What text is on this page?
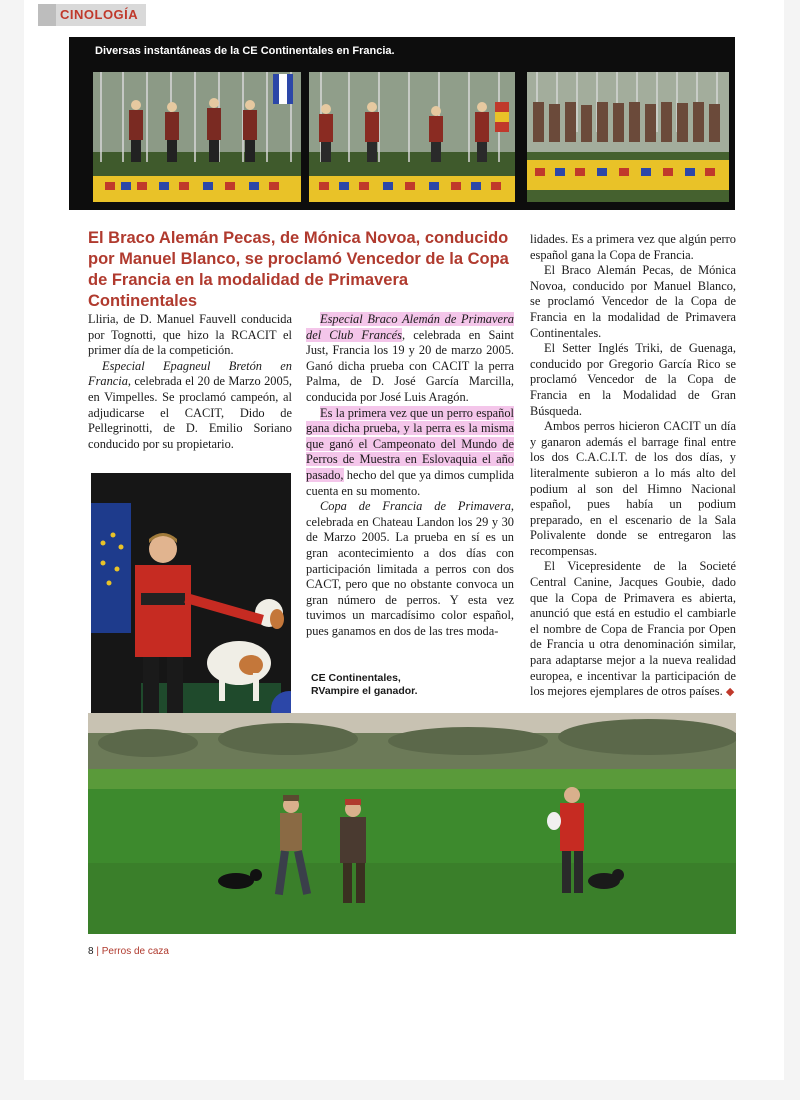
CINOLOGÍA
Diversas instantáneas de la CE Continentales en Francia.
El Braco Alemán Pecas, de Mónica Novoa, conducido por Manuel Blanco, se proclamó Vencedor de la Copa de Francia en la modalidad de Primavera Continentales

Lliria, de D. Manuel Fauvell conducida por Tognotti, que hizo la RCACIT el primer día de la competición.

Especial Epagneul Bretón en Francia, celebrada el 20 de Marzo 2005, en Vimpelles. Se proclamó campeón, al adjudicarse el CACIT, Dido de Pellegrinotti, de D. Emilio Soriano conducido por su propietario.

Especial Braco Alemán de Primavera del Club Francés, celebrada en Saint Just, Francia los 19 y 20 de marzo 2005. Ganó dicha prueba con CACIT la perra Palma, de D. José García Marcilla, conducida por José Luis Aragón.

Es la primera vez que un perro español gana dicha prueba, y la perra es la misma que ganó el Campeonato del Mundo de Perros de Muestra en Eslovaquia el año pasado, hecho del que ya dimos cumplida cuenta en su momento.

Copa de Francia de Primavera, celebrada en Chateau Landon los 29 y 30 de Marzo 2005. La prueba en sí es un gran acontecimiento a dos días con participación limitada a perros con dos CACT, pero que no obstante convoca un gran número de perros. Y esta vez tuvimos un marcadísimo color español, pues ganamos en dos de las tres moda-

lidades. Es a primera vez que algún perro español gana la Copa de Francia.

El Braco Alemán Pecas, de Mónica Novoa, conducido por Manuel Blanco, se proclamó Vencedor de la Copa de Francia en la modalidad de Primavera Continentales.

El Setter Inglés Triki, de Guenaga, conducido por Gregorio García Rico se proclamó Vencedor de la Copa de Francia en la Modalidad de Gran Búsqueda.

Ambos perros hicieron CACIT un día y ganaron además el barrage final entre los dos C.A.C.I.T. de los dos días, y literalmente subieron a lo más alto del podium al son del Himno Nacional español, pues había un podium preparado, en el escenario de la Sala Polivalente donde se entregaron las recompensas.

El Vicepresidente de la Societé Central Canine, Jacques Goubie, dado que la Copa de Primavera es abierta, anunció que está en estudio el cambiarle el nombre de Copa de Francia por Open de Francia u otra denominación similar, para adaptarse mejor a la nueva realidad europea, e incentivar la participación de los mejores ejemplares de otros países. ◆

CE Continentales,
RVampire el ganador.
8 | Perros de caza
